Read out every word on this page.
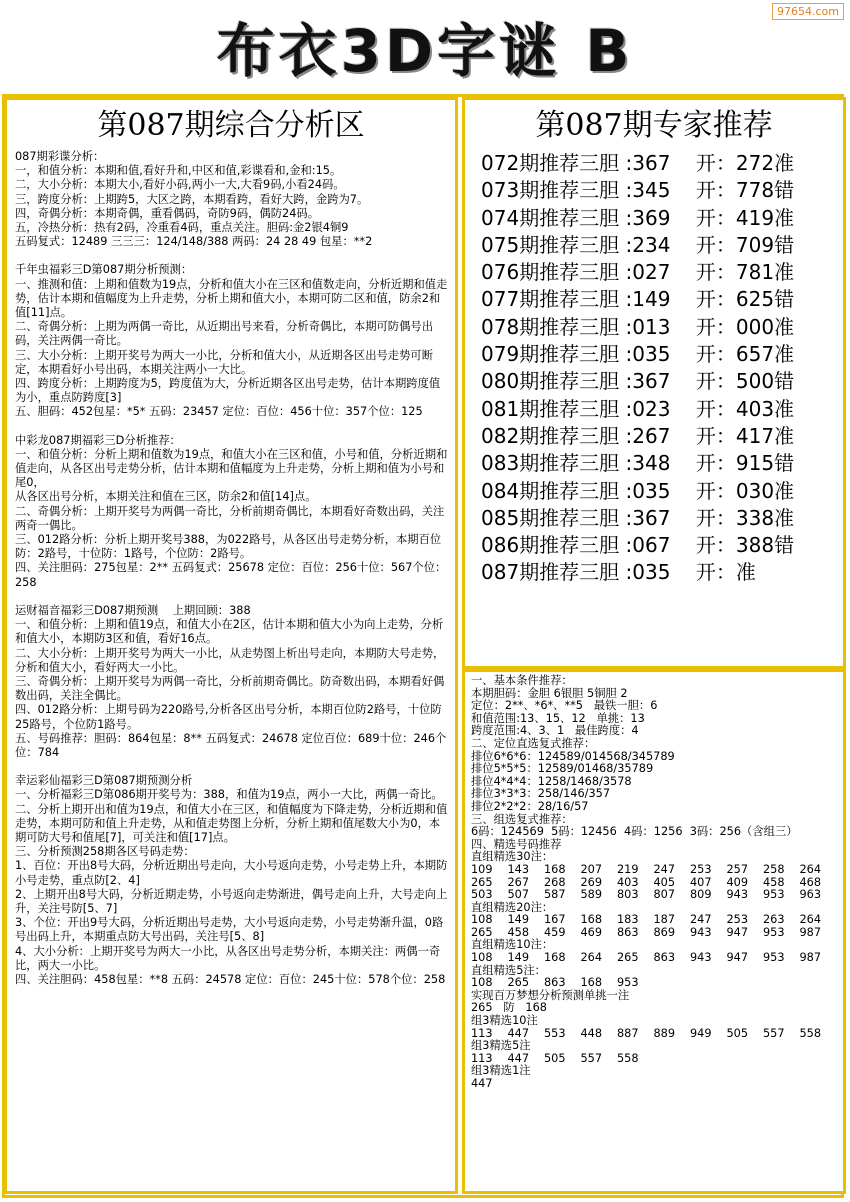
布衣3D字谜 B
97654.com
第087期综合分析区
087期彩谍分析：
一，和值分析：本期和值,看好升和,中区和值,彩谍看和,金和:15。
二，大小分析：本期大小,看好小码,两小一大,大看9码,小看24码。
三，跨度分析：上期跨5，大区之跨，本期看跨，看好大跨，金跨为7。
四，奇偶分析：本期奇偶，重看偶码，奇防9码，偶防24码。
五，冷热分析：热有2码，冷重看4码，重点关注。胆码:金2银4铜9
五码复式：12489 三三三：124/148/388 两码：24 28 49 包星：**2
千年虫福彩三D第087期分析预测：
一、推测和值：上期和值数为19点，分析和值大小在三区和值数走向，分析近期和值走势，估计本期和值幅度为上升走势，分析上期和值大小，本期可防二区和值，防余2和值[11]点。
二、奇偶分析：上期为两偶一奇比，从近期出号来看，分析奇偶比，本期可防偶号出码，关注两偶一奇比。
三、大小分析：上期开奖号为两大一小比，分析和值大小，从近期各区出号走势可断定，本期看好小号出码，本期关注两小一大比。
四、跨度分析：上期跨度为5，跨度值为大，分析近期各区出号走势，估计本期跨度值为小，重点防跨度[3]
五、胆码：452包星：*5* 五码：23457 定位：百位：456十位：357个位：125
中彩龙087期福彩三D分析推荐：
一、和值分析：分析上期和值数为19点，和值大小在三区和值，小号和值，分析近期和值走向，从各区出号走势分析，估计本期和值幅度为上升走势，分析上期和值为小号和尾0，
从各区出号分析，本期关注和值在三区，防余2和值[14]点。
二、奇偶分析：上期开奖号为两偶一奇比，分析前期奇偶比，本期看好奇数出码，关注两奇一偶比。
三、012路分析：分析上期开奖号388，为022路号，从各区出号走势分析，本期百位防：2路号，十位防：1路号，个位防：2路号。
四、关注胆码：275包星：2** 五码复式：25678 定位：百位：256十位：567个位：258
运财福音福彩三D087期预测    上期回顾：388
一、和值分析：上期和值19点，和值大小在2区，估计本期和值大小为向上走势，分析和值大小，本期防3区和值，看好16点。
二、大小分析：上期开奖号为两大一小比，从走势图上析出号走向，本期防大号走势，分析和值大小，看好两大一小比。
三、奇偶分析：上期开奖号为两偶一奇比，分析前期奇偶比。防奇数出码，本期看好偶数出码，关注全偶比。
四、012路分析：上期号码为220路号,分析各区出号分析，本期百位防2路号，十位防25路号，个位防1路号。
五、号码推荐：胆码：864包星：8** 五码复式：24678 定位百位：689十位：246个位：784
幸运彩仙福彩三D第087期预测分析
一、分析福彩三D第086期开奖号为：388，和值为19点，两小一大比，两偶一奇比。
二、分析上期开出和值为19点，和值大小在三区，和值幅度为下降走势，分析近期和值走势，本期可防和值上升走势，从和值走势图上分析，分析上期和值尾数大小为0，本期可防大号和值尾[7]，可关注和值[17]点。
三、分析预测258期各区号码走势：
1、百位：开出8号大码，分析近期出号走向，大小号返向走势，小号走势上升，本期防小号走势，重点防[2、4]
2、上期开出8号大码，分析近期走势，小号返向走势渐进，偶号走向上升，大号走向上升，关注号防[5、7]
3、个位：开出9号大码，分析近期出号走势，大小号返向走势，小号走势渐升温，0路号出码上升，本期重点防大号出码，关注号[5、8]
4、大小分析：上期开奖号为两大一小比，从各区出号走势分析，本期关注：两偶一奇比，两大一小比。
四、关注胆码：458包星：**8 五码：24578 定位：百位：245十位：578个位：258
第087期专家推荐
072期推荐三胆 :367 开：272准
073期推荐三胆 :345 开：778错
074期推荐三胆 :369 开：419准
075期推荐三胆 :234 开：709错
076期推荐三胆 :027 开：781准
077期推荐三胆 :149 开：625错
078期推荐三胆 :013 开：000准
079期推荐三胆 :035 开：657准
080期推荐三胆 :367 开：500错
081期推荐三胆 :023 开：403准
082期推荐三胆 :267 开：417准
083期推荐三胆 :348 开：915错
084期推荐三胆 :035 开：030准
085期推荐三胆 :367 开：338准
086期推荐三胆 :067 开：388错
087期推荐三胆 :035 开：准
一、基本条件推荐：
本期胆码：金胆 6银胆 5铜胆 2
定位：2**、*6*、**5   最铁一胆：6
和值范围:13、15、12   单挑：13
跨度范围:4、3、1   最佳跨度：4
二、定位直选复式推荐：
排位6*6*6：124589/014568/345789
排位5*5*5：12589/01468/35789
排位4*4*4：1258/1468/3578
排位3*3*3：258/146/357
排位2*2*2：28/16/57
三、组选复式推荐：
6码：124569  5码：12456  4码：1256  3码：256（含组三）
四、精选号码推荐
直组精选30注：
109	143	168	207	219	247	253	257	258	264
265	267	268	269	403	405	407	409	458	468
503	507	587	589	803	807	809	943	953	963
直组精选20注：
108	149	167	168	183	187	247	253	263	264
265	458	459	469	863	869	943	947	953	987
直组精选10注：
108	149	168	264	265	863	943	947	953	987
直组精选5注：
108	265	863	168	953
实现百万梦想分析预测单挑一注
265   防   168
组3精选10注
113	447	553	448	887	889	949	505	557	558
组3精选5注
113	447	505	557	558
组3精选1注
447
